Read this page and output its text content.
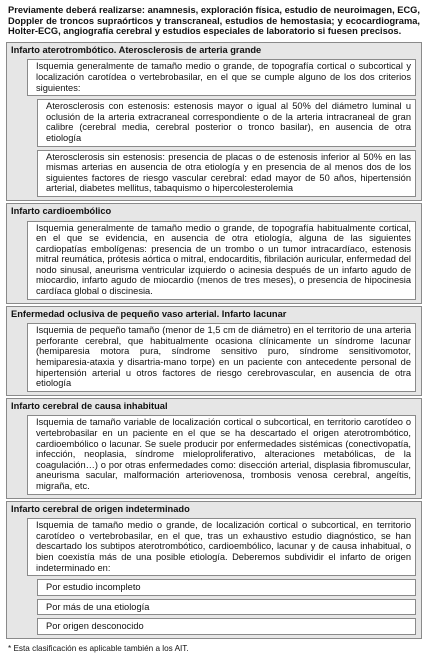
Previamente deberá realizarse: anamnesis, exploración física, estudio de neuroimagen, ECG, Doppler de troncos supraórticos y transcraneal, estudios de hemostasia; y ecocardiograma, Holter-ECG, angiografía cerebral y estudios especiales de laboratorio si fuesen precisos.

Infarto aterotrombótico. Aterosclerosis de arteria grande
Isquemia generalmente de tamaño medio o grande, de topografía cortical o subcortical y localización carotídea o vertebrobasilar, en el que se cumple alguno de los dos criterios siguientes:
Aterosclerosis con estenosis: estenosis mayor o igual al 50% del diámetro luminal u oclusión de la arteria extracraneal correspondiente o de la arteria intracraneal de gran calibre (cerebral media, cerebral posterior o tronco basilar), en ausencia de otra etiología
Aterosclerosis sin estenosis: presencia de placas o de estenosis inferior al 50% en las mismas arterias en ausencia de otra etiología y en presencia de al menos dos de los siguientes factores de riesgo vascular cerebral: edad mayor de 50 años, hipertensión arterial, diabetes mellitus, tabaquismo o hipercolesterolemia
Infarto cardioembólico
Isquemia generalmente de tamaño medio o grande, de topografía habitualmente cortical, en el que se evidencia, en ausencia de otra etiología, alguna de las siguientes cardiopatías embolígenas: presencia de un trombo o un tumor intracardíaco, estenosis mitral reumática, prótesis aórtica o mitral, endocarditis, fibrilación auricular, enfermedad del nodo sinusal, aneurisma ventricular izquierdo o acinesia después de un infarto agudo de miocardio, infarto agudo de miocardio (menos de tres meses), o presencia de hipocinesia cardíaca global o discinesia.
Enfermedad oclusiva de pequeño vaso arterial. Infarto lacunar
Isquemia de pequeño tamaño (menor de 1,5 cm de diámetro) en el territorio de una arteria perforante cerebral, que habitualmente ocasiona clínicamente un síndrome lacunar (hemiparesia motora pura, síndrome sensitivo puro, síndrome sensitivomotor, hemiparesia-ataxia y disartria-mano torpe) en un paciente con antecedente personal de hipertensión arterial u otros factores de riesgo cerebrovascular, en ausencia de otra etiología
Infarto cerebral de causa inhabitual
Isquemia de tamaño variable de localización cortical o subcortical, en territorio carotídeo o vertebrobasilar en un paciente en el que se ha descartado el origen aterotrombótico, cardioembólico o lacunar. Se suele producir por enfermedades sistémicas (conectivopatía, infección, neoplasia, síndrome mieloproliferativo, alteraciones metabólicas, de la coagulación…) o por otras enfermedades como: disección arterial, displasia fibromuscular, aneurisma sacular, malformación arteriovenosa, trombosis venosa cerebral, angeítis, migraña, etc.
Infarto cerebral de origen indeterminado
Isquemia de tamaño medio o grande, de localización cortical o subcortical, en territorio carotídeo o vertebrobasilar, en el que, tras un exhaustivo estudio diagnóstico, se han descartado los subtipos aterotrombótico, cardioembólico, lacunar y de causa inhabitual, o bien coexistía más de una posible etiología. Deberemos subdividir el infarto de origen indeterminado en:
Por estudio incompleto
Por más de una etiología
Por origen desconocido

* Esta clasificación es aplicable también a los AIT.
